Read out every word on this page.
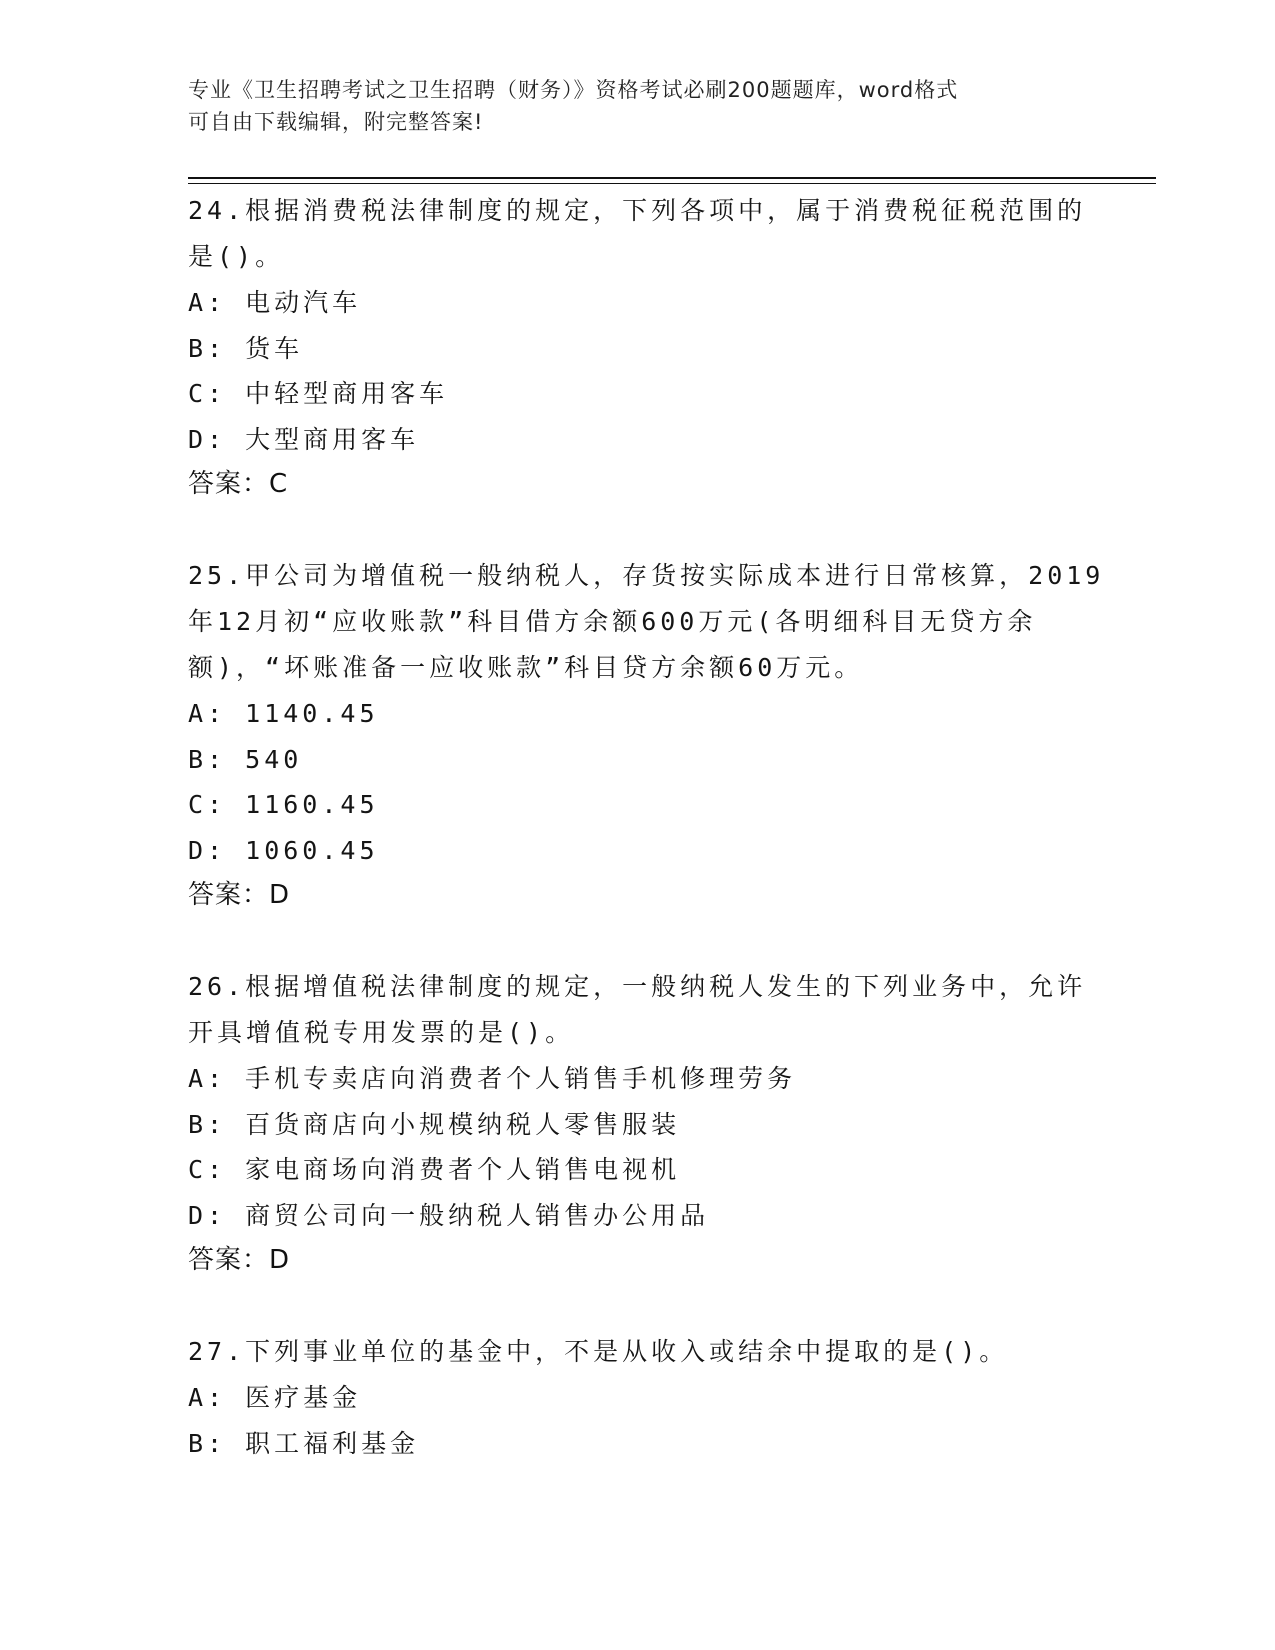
专业《卫生招聘考试之卫生招聘（财务）》资格考试必刷200题题库，word格式
可自由下载编辑，附完整答案!
24.根据消费税法律制度的规定，下列各项中，属于消费税征税范围的
是()。
A: 电动汽车
B: 货车
C: 中轻型商用客车
D: 大型商用客车
答案：C
25.甲公司为增值税一般纳税人，存货按实际成本进行日常核算，2019
年12月初“应收账款”科目借方余额600万元(各明细科目无贷方余
额)，“坏账准备一应收账款”科目贷方余额60万元。
A: 1140.45
B: 540
C: 1160.45
D: 1060.45
答案：D
26.根据增值税法律制度的规定，一般纳税人发生的下列业务中，允许
开具增值税专用发票的是()。
A: 手机专卖店向消费者个人销售手机修理劳务
B: 百货商店向小规模纳税人零售服装
C: 家电商场向消费者个人销售电视机
D: 商贸公司向一般纳税人销售办公用品
答案：D
27.下列事业单位的基金中，不是从收入或结余中提取的是()。
A: 医疗基金
B: 职工福利基金
